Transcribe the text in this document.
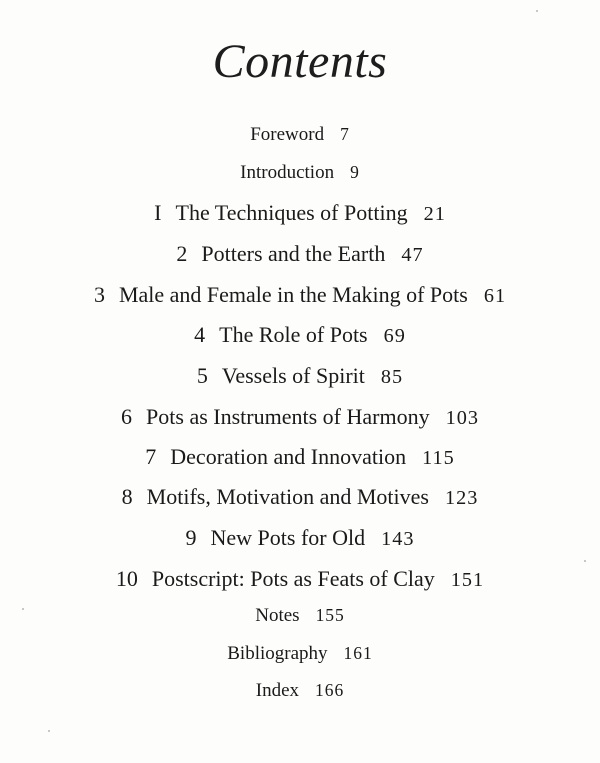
Contents
Foreword 7
Introduction 9
I The Techniques of Potting 21
2 Potters and the Earth 47
3 Male and Female in the Making of Pots 61
4 The Role of Pots 69
5 Vessels of Spirit 85
6 Pots as Instruments of Harmony 103
7 Decoration and Innovation 115
8 Motifs, Motivation and Motives 123
9 New Pots for Old 143
10 Postscript: Pots as Feats of Clay 151
Notes 155
Bibliography 161
Index 166
